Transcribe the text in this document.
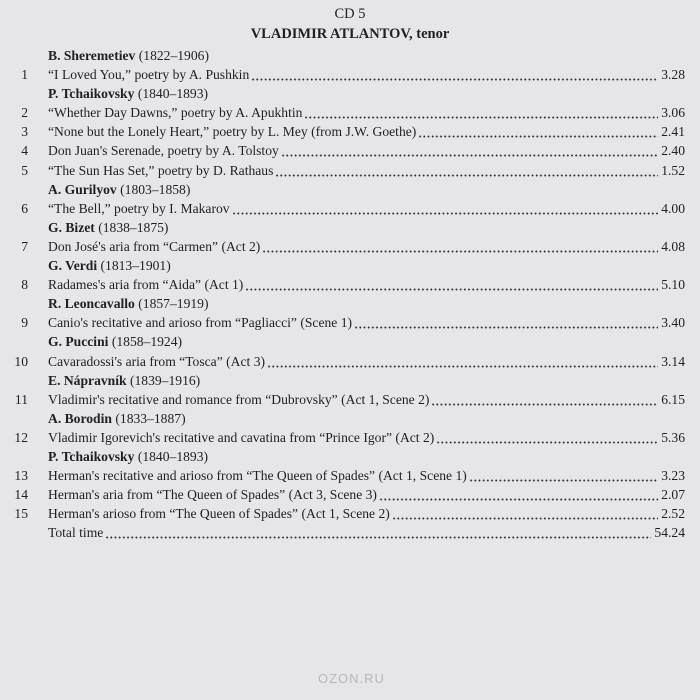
CD 5
VLADIMIR ATLANTOV, tenor
B. Sheremetiev (1822–1906)
1 “I Loved You,” poetry by A. Pushkin	3.28
P. Tchaikovsky (1840–1893)
2 “Whether Day Dawns,” poetry by A. Apukhtin	3.06
3 “None but the Lonely Heart,” poetry by L. Mey (from J.W. Goethe)	2.41
4 Don Juan's Serenade, poetry by A. Tolstoy	2.40
5 “The Sun Has Set,” poetry by D. Rathaus	1.52
A. Gurilyov (1803–1858)
6 “The Bell,” poetry by I. Makarov	4.00
G. Bizet (1838–1875)
7 Don José's aria from “Carmen” (Act 2)	4.08
G. Verdi (1813–1901)
8 Radames's aria from “Aida” (Act 1)	5.10
R. Leoncavallo (1857–1919)
9 Canio's recitative and arioso from “Pagliacci” (Scene 1)	3.40
G. Puccini (1858–1924)
10 Cavaradossi's aria from “Tosca” (Act 3)	3.14
E. Nápravník (1839–1916)
11 Vladimir's recitative and romance from “Dubrovsky” (Act 1, Scene 2)	6.15
A. Borodin (1833–1887)
12 Vladimir Igorevich's recitative and cavatina from “Prince Igor” (Act 2)	5.36
P. Tchaikovsky (1840–1893)
13 Herman's recitative and arioso from “The Queen of Spades” (Act 1, Scene 1)	3.23
14 Herman's aria from “The Queen of Spades” (Act 3, Scene 3)	2.07
15 Herman's arioso from “The Queen of Spades” (Act 1, Scene 2)	2.52
Total time	54.24
OZON.RU
